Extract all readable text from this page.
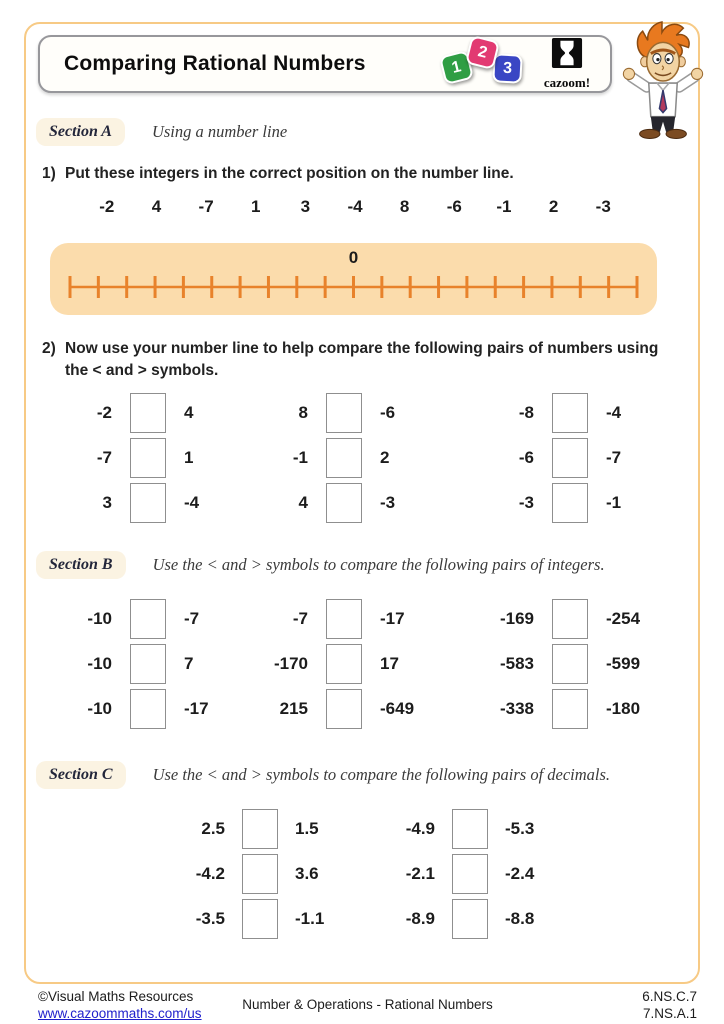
Comparing Rational Numbers	1
2
3
cazoom!
Section A	Using a number line
1) Put these integers in the correct position on the number line.
-2	4	-7	1	3	-4	8	-6	-1	2	-3
0
2) Now use your number line to help compare the following pairs of numbers using
the < and > symbols.
-2	4	8	-6	-8	-4
-7	1	-1	2	-6	-7
3	-4	4	-3	-3	-1
Section B	Use the < and > symbols to compare the following pairs of integers.
-10	-7	-7	-17	-169	-254
-10	7	-170	17	-583	-599
-10	-17	215	-649	-338	-180
Section C	Use the < and > symbols to compare the following pairs of decimals.
2.5	1.5	-4.9	-5.3
-4.2	3.6	-2.1	-2.4
-3.5	-1.1	-8.9	-8.8
©Visual Maths Resources
www.cazoommaths.com/us
Number & Operations - Rational Numbers
6.NS.C.7
7.NS.A.1
